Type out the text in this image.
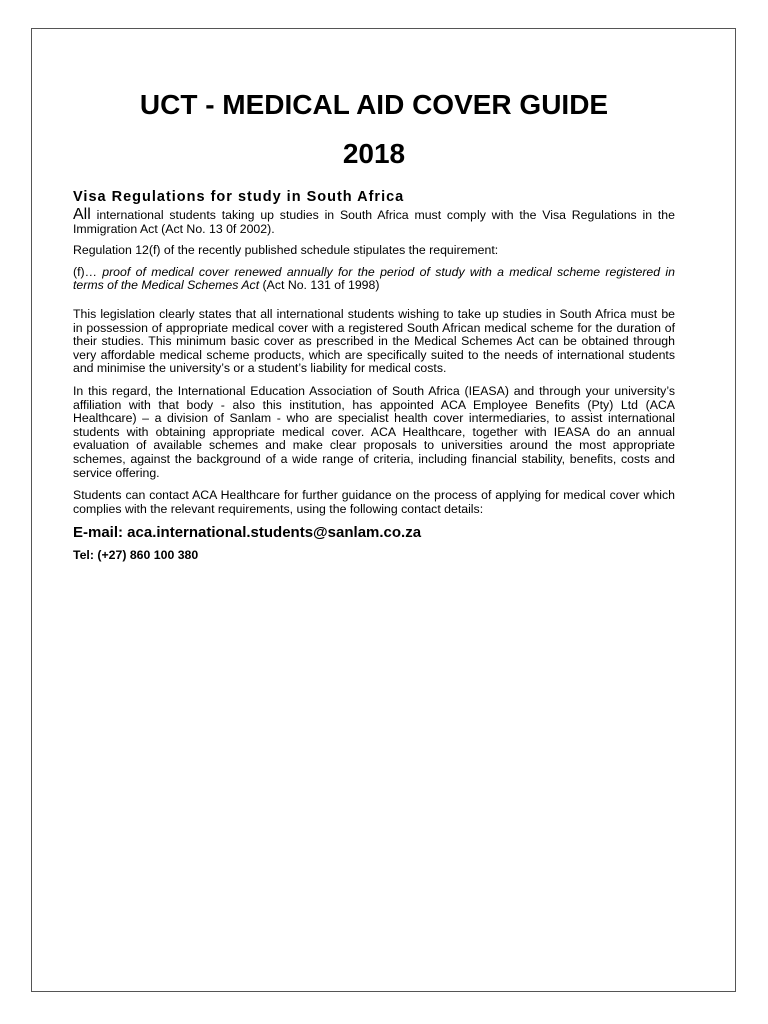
UCT - MEDICAL AID COVER GUIDE
2018
Visa Regulations for study in South Africa

All international students taking up studies in South Africa must comply with the Visa Regulations in the Immigration Act (Act No. 13 0f 2002).

Regulation 12(f) of the recently published schedule stipulates the requirement:

(f)… proof of medical cover renewed annually for the period of study with a medical scheme registered in terms of the Medical Schemes Act (Act No. 131 of 1998)

This legislation clearly states that all international students wishing to take up studies in South Africa must be in possession of appropriate medical cover with a registered South African medical scheme for the duration of their studies. This minimum basic cover as prescribed in the Medical Schemes Act can be obtained through very affordable medical scheme products, which are specifically suited to the needs of international students and minimise the university’s or a student’s liability for medical costs.

In this regard, the International Education Association of South Africa (IEASA) and through your university’s affiliation with that body - also this institution, has appointed ACA Employee Benefits (Pty) Ltd (ACA Healthcare) – a division of Sanlam - who are specialist health cover intermediaries, to assist international students with obtaining appropriate medical cover. ACA Healthcare, together with IEASA do an annual evaluation of available schemes and make clear proposals to universities around the most appropriate schemes, against the background of a wide range of criteria, including financial stability, benefits, costs and service offering.

Students can contact ACA Healthcare for further guidance on the process of applying for medical cover which complies with the relevant requirements, using the following contact details:

E-mail: aca.international.students@sanlam.co.za
Tel: (+27) 860 100 380
